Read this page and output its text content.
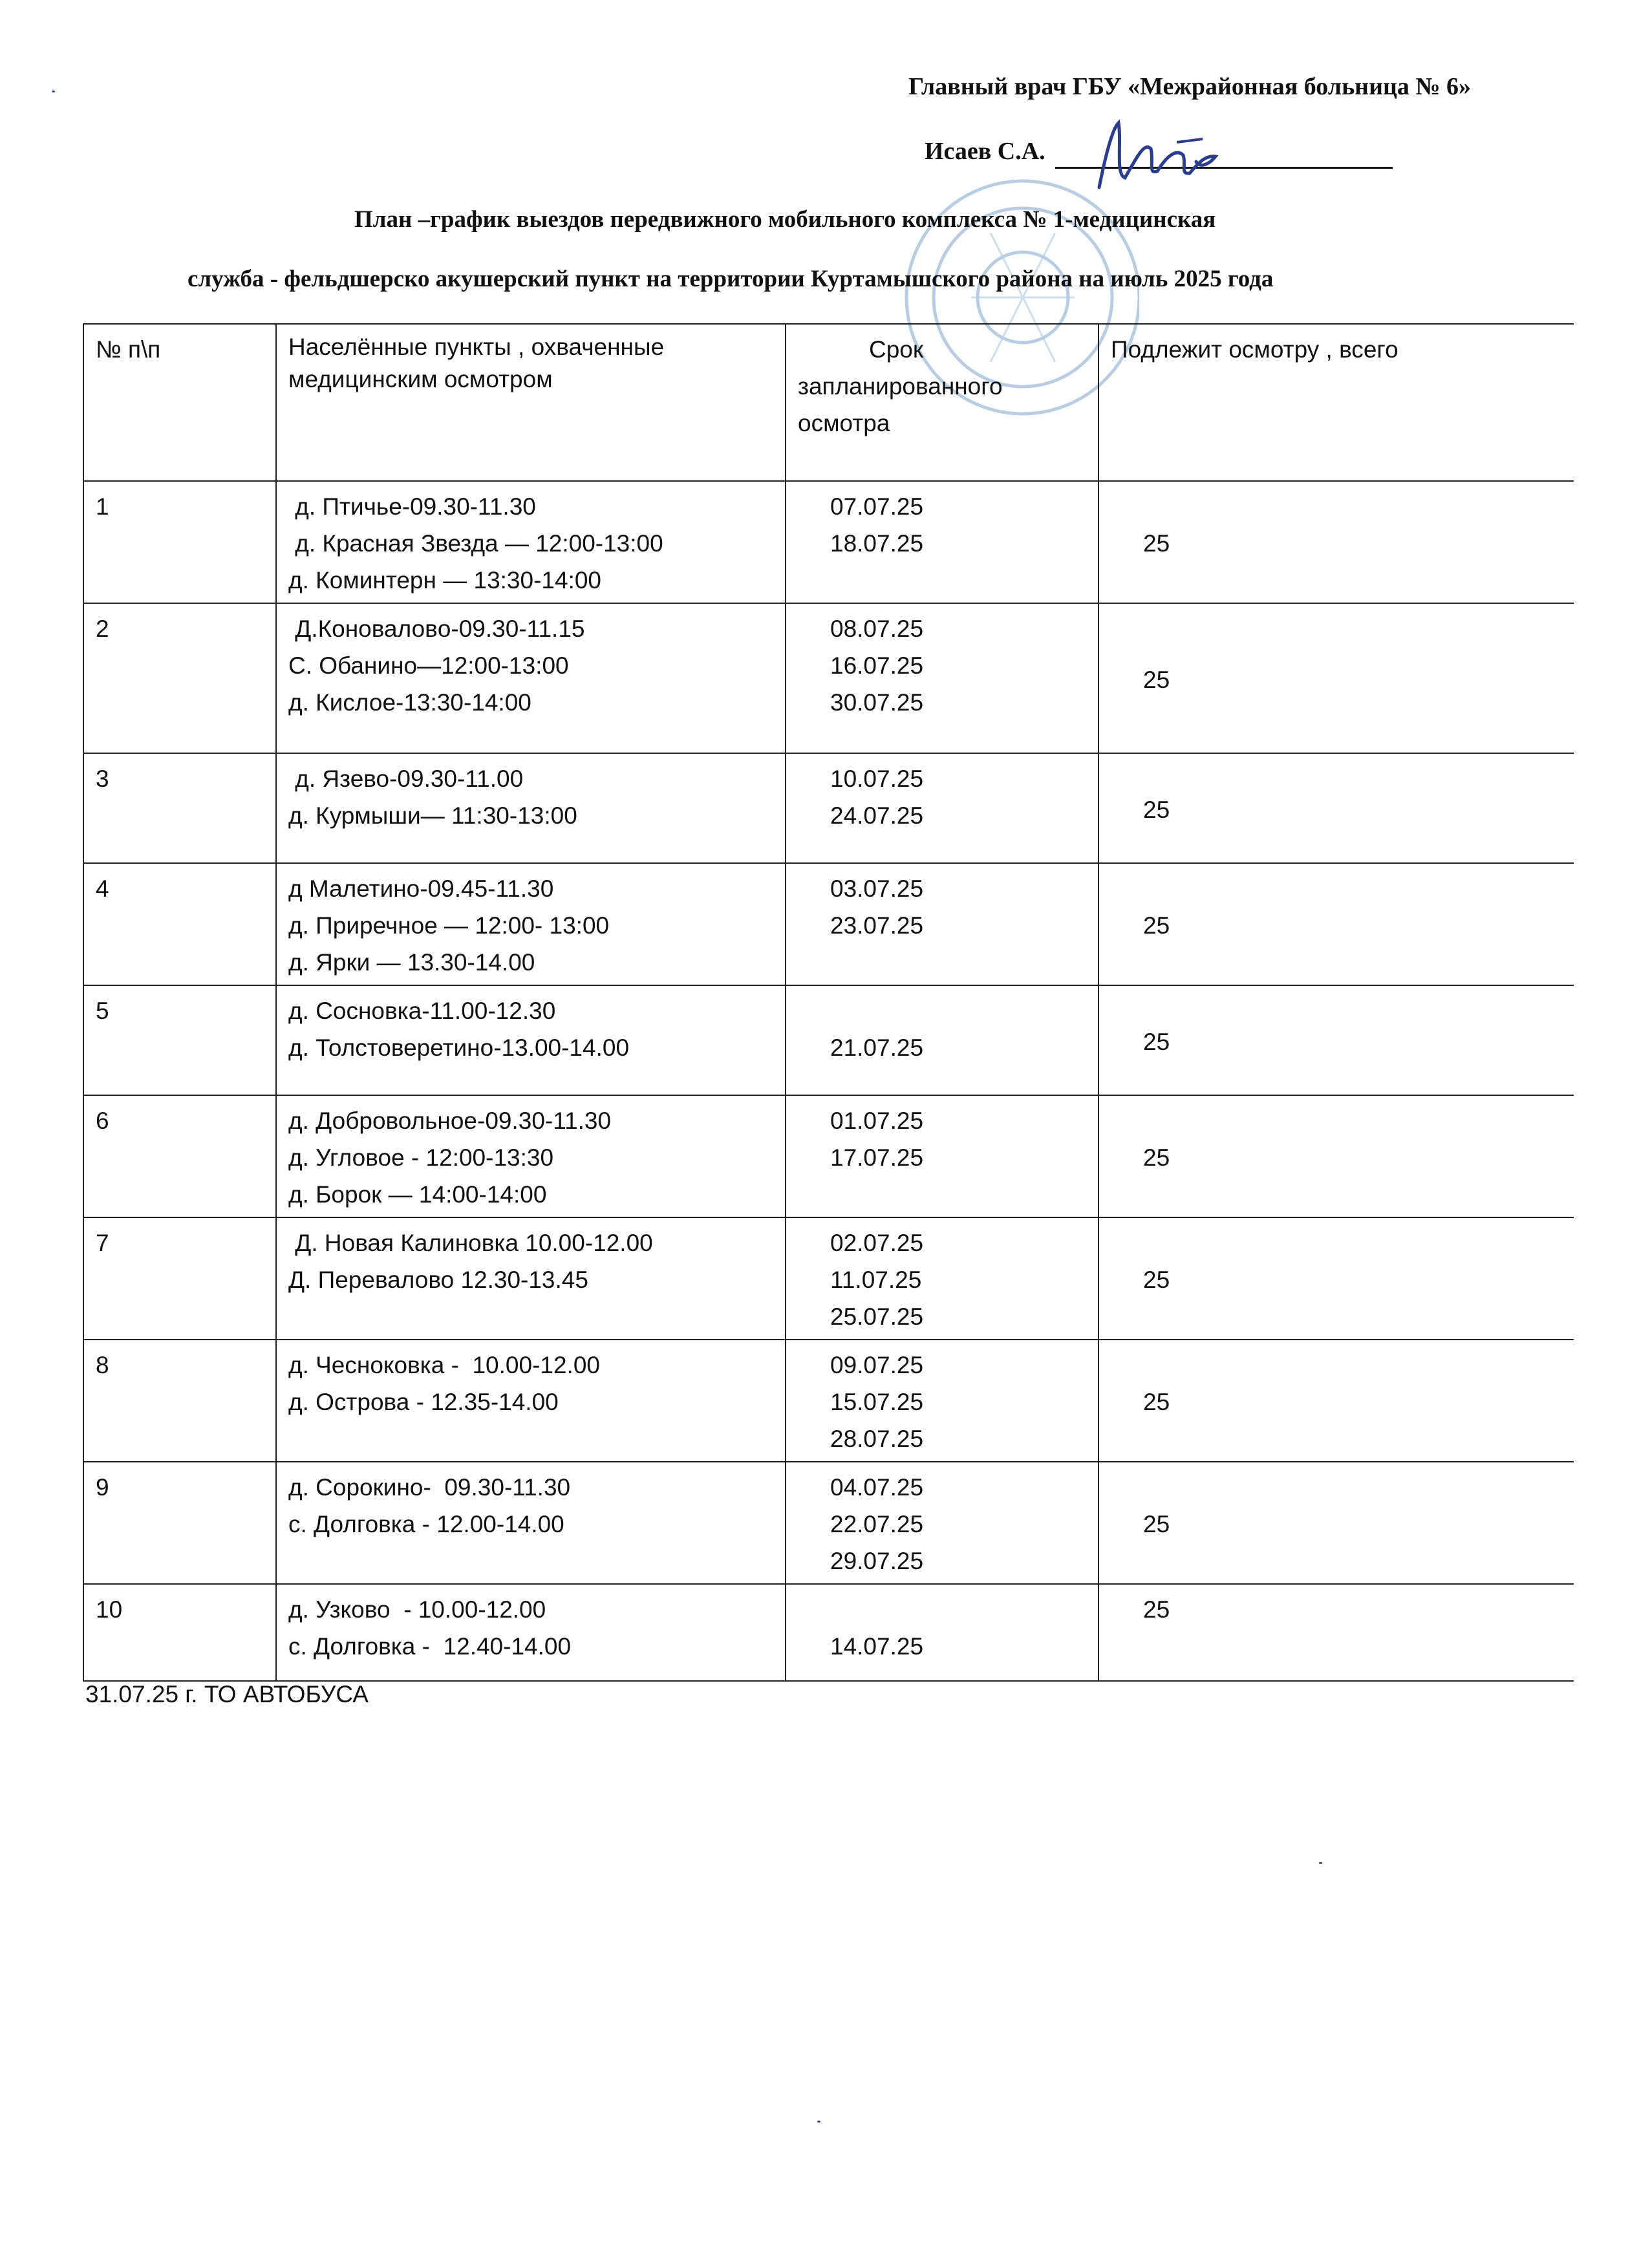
Главный врач ГБУ «Межрайонная больница № 6»
Исаев С.А.
План –график выездов передвижного мобильного комплекса № 1-медицинская
служба - фельдшерско акушерский пункт на территории Куртамышского района на июль 2025 года
№ п\п	Населённые пункты , охваченные медицинским осмотром	Срок
запланированного
осмотра	Подлежит осмотру , всего
1	д. Птичье-09.30-11.30
д. Красная Звезда — 12:00-13:00
д. Коминтерн — 13:30-14:00	07.07.25
18.07.25	25
2	Д.Коноваловo-09.30-11.15
С. Обанино—12:00-13:00
д. Кислое-13:30-14:00	08.07.25
16.07.25
30.07.25	25
3	д. Язево-09.30-11.00
д. Курмыши— 11:30-13:00	10.07.25
24.07.25	25
4	д Малетино-09.45-11.30
д. Приречное — 12:00- 13:00
д. Ярки — 13.30-14.00	03.07.25
23.07.25	25
5	д. Сосновка-11.00-12.30
д. Толстоверетино-13.00-14.00	21.07.25	25
6	д. Добровольное-09.30-11.30
д. Угловое - 12:00-13:30
д. Борок — 14:00-14:00	01.07.25
17.07.25	25
7	Д. Новая Калиновка 10.00-12.00
Д. Перевалово 12.30-13.45	02.07.25
11.07.25
25.07.25	25
8	д. Чесноковка -  10.00-12.00
д. Острова - 12.35-14.00	09.07.25
15.07.25
28.07.25	25
9	д. Сорокино-  09.30-11.30
с. Долговка - 12.00-14.00	04.07.25
22.07.25
29.07.25	25
10	д. Узково  - 10.00-12.00
с. Долговка -  12.40-14.00	14.07.25	25
31.07.25 г. ТО АВТОБУСА
